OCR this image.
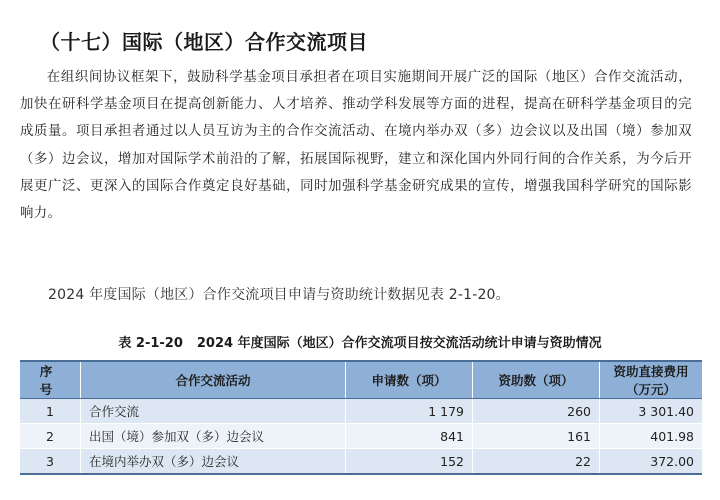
（十七）国际（地区）合作交流项目

在组织间协议框架下，鼓励科学基金项目承担者在项目实施期间开展广泛的国际（地区）合作交流活动，加快在研科学基金项目在提高创新能力、人才培养、推动学科发展等方面的进程，提高在研科学基金项目的完成质量。项目承担者通过以人员互访为主的合作交流活动、在境内举办双（多）边会议以及出国（境）参加双（多）边会议，增加对国际学术前沿的了解，拓展国际视野，建立和深化国内外同行间的合作关系，为今后开展更广泛、更深入的国际合作奠定良好基础，同时加强科学基金研究成果的宣传，增强我国科学研究的国际影响力。

2024 年度国际（地区）合作交流项目申请与资助统计数据见表 2-1-20。

表 2-1-20 2024 年度国际（地区）合作交流项目按交流活动统计申请与资助情况
序 号	合作交流活动	申请数（项）	资助数（项）	资助直接费用（万元）
1	合作交流	1 179	260	3 301.40
2	出国（境）参加双（多）边会议	841	161	401.98
3	在境内举办双（多）边会议	152	22	372.00
